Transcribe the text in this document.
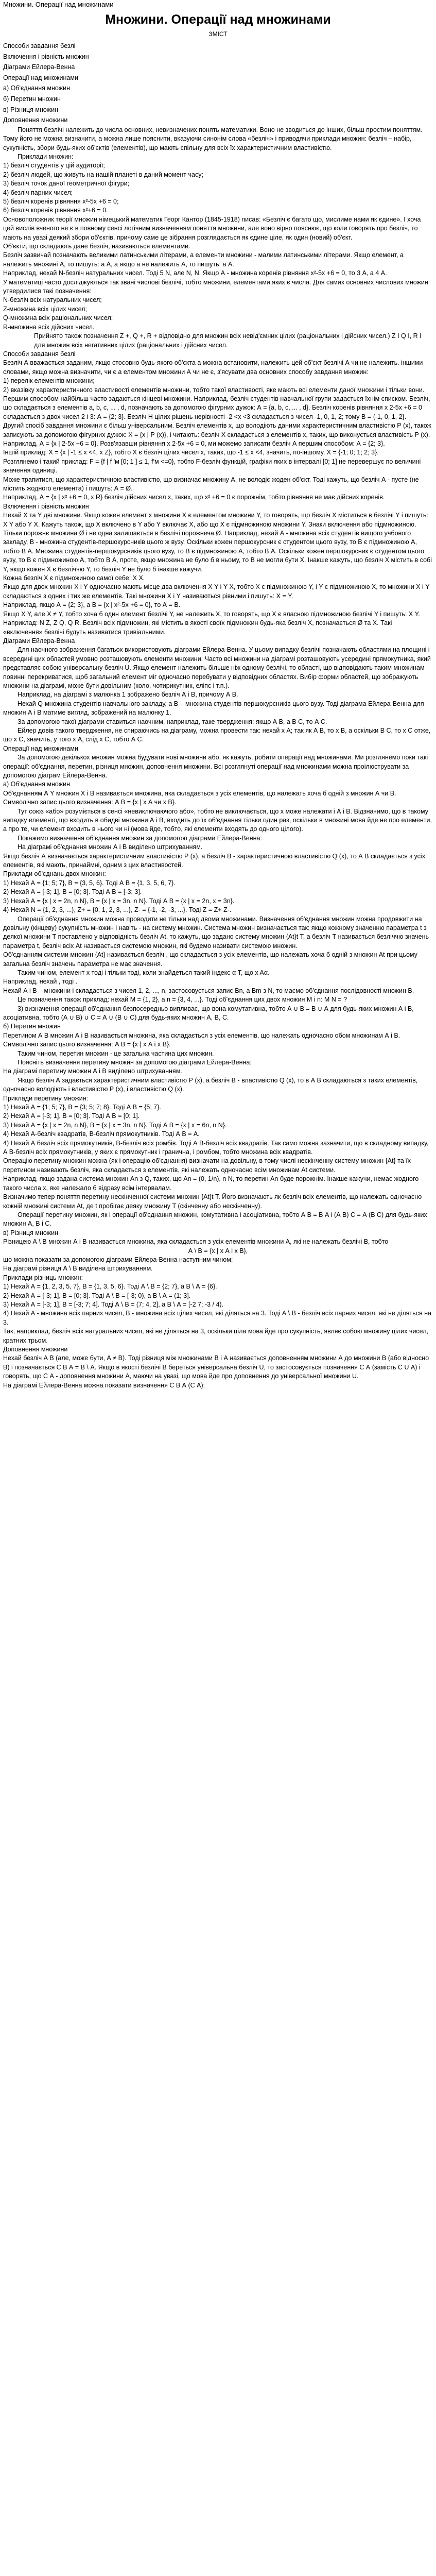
Множини. Операції над множинами
Множини. Операції над множинами
ЗМІСТ
Способи завдання безлі
Включення і рівність множин
Діаграми Ейлера-Венна
Операції над множинами
а) Об'єднання множин
б) Перетин множин
в) Різниця множин
Доповнення множини

Поняття безлічі належить до числа основних, невизначених понять математики. Воно не зводиться до інших, більш простим поняттям. Тому його не можна визначити, а можна лише пояснити, вказуючи синонім слова «безліч» і приводячи приклади множин: безліч – набір, сукупність, збори будь-яких об'єктів (елементів), що мають спільну для всіх їх характеристичним властивістю.

Приклади множин:

1) безліч студентів у цій аудиторії;

2) безліч людей, що живуть на нашій планеті в даний момент часу;

3) безліч точок даної геометричної фігури;

4) безліч парних чисел;

5) безліч коренів рівняння х²-5х +6 = 0;

6) безліч коренів рівняння х²+6 = 0.

Основоположник теорії множин німецький математик Георг Кантор (1845-1918) писав: «Безліч є багато що, мислиме нами як єдине». І хоча цей вислів вченого не є в повному сенсі логічним визначенням поняття множини, але воно вірно пояснює, що коли говорять про безліч, то мають на увазі деякий збори об'єктів, причому саме це зібрання розглядається як єдине ціле, як один (новий) об'єкт.

Об'єкти, що складають дане безліч, називаються елементами.

Безліч зазвичай позначають великими латинськими літерами, а елементи множини - малими латинськими літерами. Якщо елемент, а належить множині А, то пишуть: а А, а якщо а не належить А, то пишуть: а А.

Наприклад, нехай N-безліч натуральних чисел. Тоді 5 N, але N, N. Якщо А - множина коренів рівняння х²-5х +6 = 0, то 3 А, а 4 А.

У математиці часто досліджуються так звані числові безлічі, тобто множини, елементами яких є числа. Для самих основних числових множин утвердилися такі позначення:

N-безліч всіх натуральних чисел;

Z-множина всіх цілих чисел;

Q-множина всіх раціональних чисел;

R-множина всіх дійсних чисел.

Прийнято також позначення Z +, Q +, R + відповідно для множин всіх невід'ємних цілих (раціональних і дійсних чисел.) Z І Q І, R І для множин всіх негативних цілих (раціональних і дійсних чисел.

Способи завдання безлі

Безліч А вважається заданим, якщо стосовно будь-якого об'єкта а можна встановити, належить цей об'єкт безлічі А чи не належить. іншими словами, якщо можна визначити, чи є а елементом множини А чи не є, з'ясувати два основних способу завдання множин:

1) перелік елементів множини;

2) вказівку характеристичного властивості елементів множини, тобто такої властивості, яке мають всі елементи даної множини і тільки вони.

Першим способом найбільш часто задаються кінцеві множини. Наприклад, безліч студентів навчальної групи задається їхнім списком. Безліч, що складається з елементів а, b, с, ... , d, позначають за допомогою фігурних дужок: А = {а, b, с, ... , d}. Безліч коренів рівняння х 2-5х +6 = 0 складається з двох чисел 2 і 3: А = {2; 3}. Безліч Н цілих рішень нерівності -2 <х <3 складається з чисел -1, 0, 1, 2; тому В = {-1, 0, 1, 2}.

Другий спосіб завдання множини є більш універсальним. Безліч елементів х, що володіють даними характеристичним властивістю Р (х), також записують за допомогою фігурних дужок: Х = {х | Р (х)}, і читають: безліч Х складається з елементів х, таких, що виконується властивість Р (х). Наприклад, А = {х | 2-5х +6 = 0}. Розв'язавши рівняння х 2-5х +6 = 0, ми можемо записати безліч А першим способом: А = {2; 3}.

Іншій приклад: Х = {х | -1 ≤ х <4, х Z}, тобто Х є безліч цілих чисел х, таких, що -1 ≤ х <4, значить, по-іншому, Х = {-1; 0; 1; 2; 3}.

Розглянемо і такий приклад: F = {f | f 'м [0; 1 ] ≤ 1, f'м <=0}, тобто F-безліч функцій, графіки яких в інтервалі [0; 1] не перевершує по величині значення одиниці.

Може трапитися, що характеристичною властивістю, що визначає множину А, не володіє жоден об'єкт. Тоді кажуть, що безліч А - пусте (не містить жодного елемента) і пишуть: А = Ø.

Наприклад, А = {х | х² +6 = 0, х R} безліч дійсних чисел х, таких, що х² +6 = 0 є порожнім, тобто рівняння не має дійсних коренів.

Включення і рівність множин

Нехай Х та Y дві множини. Якщо кожен елемент х множини Х є елементом множини Y, то говорять, що безліч Х міститься в безлічі Y і пишуть: Х Y або Y Х. Кажуть також, що Х включено в Y або Y включає Х, або що Х є підмножиною множини Y. Знаки включення або підмножиною. Тільки порожнє множина Ø і не одна залишається в безлічі порожнеча Ø. Наприклад, нехай А - множина всіх студентів вищого учбового закладу, В - множина студентів-першокурсників цього ж вузу. Оскільки кожен першокурсник є студентом цього вузу, то В є підмножиною А, тобто В А. Множина студентів-першокурсників цього вузу, то В є підмножиною А, тобто В А. Оскільки кожен першокурсник є студентом цього вузу, то В є підмножиною А, тобто В А, проте, якщо множина не було б в ньому, то В не могли бути Х. Інакше кажуть, що безліч Х містить в собі Y, якщо кожен Х є безліччю Y, то безліч Y не було б інакше кажучи.

Кожна безліч Х є підмножиною самої себе: Х Х.

Якщо для двох множин Х і Y одночасно мають місце два включення Х Y і Y Х, тобто Х є підмножиною Y, і Y є підмножиною Х, то множини Х і Y складаються з одних і тих же елементів. Такі множини Х і Y називаються рівними і пишуть: Х = Y.

Наприклад, якщо А = {2; 3}, а В = {х | х²-5х +6 = 0}, то А = В.

Якщо Х Y, але Х ≠ Y, тобто хоча б один елемент безлічі Y, не належить Х, то говорять, що Х є власною підмножиною безлічі Y і пишуть: Х Y. Наприклад: N Z, Z Q, Q R. Безліч всіх підмножин, які містить в якості своїх підмножин будь-яка безліч Х, позначається Ø та Х. Такі «включення» безлічі будуть називатися тривіальними.

Діаграми Ейлера-Венна

Для наочного зображення багатьох використовують діаграми Ейлера-Венна. У цьому випадку безлічі позначають областями на площині і всередині цих областей умовно розташовують елементи множини. Часто всі множини на діаграмі розташовують усередині прямокутника, який представляє собою універсальну безліч U. Якщо елемент належить більше ніж одному безлічі, то області, що відповідають таким множинам повинні перекриватися, щоб загальний елемент міг одночасно перебувати у відповідних областях. Вибір форми областей, що зображують множини на діаграмі, може бути довільним (коло, чотирикутник, еліпс і т.п.).

Наприклад, на діаграмі з малюнка 1 зображено безліч А і В, причому А В.

Нехай Q-множина студентів навчального закладу, а В – множина студентів-першокурсників цього вузу. Тоді діаграма Ейлера-Венна для множин А і В матиме вигляд, зображений на малюнку 1.

За допомогою такої діаграми ставиться наочним, наприклад, таке твердження: якщо А В, а В С, то А С.

Ейлер довів такого твердження, не спираючись на діаграму, можна провести так: нехай х А; так як А В, то х В, а оскільки В С, то х С отже, що х С, значить, у того х А, слід х С, тобто А С.

Операції над множинами

За допомогою декількох множин можна будувати нові множини або, як кажуть, робити операції над множинами. Ми розглянемо поки такі операції: об'єднання, перетин, різниця множин, доповнення множини. Всі розглянуті операції над множинами можна проілюструвати за допомогою діаграм Ейлера-Венна.

а) Об'єднання множин

Об'єднанням А Y множин Х і В називається множина, яка складається з усіх елементів, що належать хоча б одній з множин А чи В.

Символічно запис цього визначення: А В = {х | х А чи х В}.

Тут союз «або» розуміється в сенсі «невиключаючого або», тобто не виключається, що х може належати і А і В. Відзначимо, що в такому випадку елементі, що входить в обидві множини А і В, входить до їх об'єднання тільки один раз, оскільки в множині мова йде не про елементи, а про те, чи елемент входить в нього чи ні (мова йде, тобто, які елементи входять до одного цілого).

Покажемо визначення об'єднання множин за допомогою діаграми Ейлера-Венна:

На діаграмі об'єднання множин А і В виділено штрихуванням.

Якщо безліч А визначається характеристичним властивістю Р (х), а безліч В - характеристичною властивістю Q (х), то А В складається з усіх елементів, які мають, принаймні, одним з цих властивостей.

Приклади об'єднань двох множин:

1) Нехай А = {1; 5; 7}, В = {3, 5, 6}. Тоді А В = {1, 3, 5, 6, 7}.

2) Нехай А = [-3; 1], В = [0; 3]. Тоді А В = [-3; 3].

3) Нехай А = {х | х = 2n, n N}, В = {х | х = 3n, n N}. Тоді А В = {х | х = 2n, х = 3n}.

4) Нехай N = {1, 2, 3, ...}, Z+ = {0, 1, 2, 3, ...}, Z- = {-1, -2, -3, ...}. Тоді Z = Z+ Z-.

Операції об'єднання множин можна проводити не тільки над двома множинами. Визначення об'єднання множин можна продовжити на довільну (кінцеву) сукупність множин і навіть - на систему множин. Система множин визначається так: якщо кожному значенню параметра t з деякої множини Т поставлено у відповідність безліч At, то кажуть, що задано систему множин {At}t T, а безліч Т називається безліччю значень параметра t, безліч всіх At називається системою множин, які будемо називати системою множин.

Об'єднанням системи множин {At} називається безліч , що складається з усіх елементів, що належать хоча б одній з множин At при цьому загальна безліч значень параметра не має значення.

Таким чином, елемент x тоді і тільки тоді, коли знайдеться такий індекс α Т, що x Aα.

Наприклад, нехай , тоді .

Нехай А і В – множини і складається з чисел 1, 2, ..., n, застосовується запис Вn, а Вm з N, то маємо об'єднання послідовності множин В.

Це позначення також приклад: нехай M = {1, 2}, а n = {3, 4, ...}. Тоді об'єднання цих двох множин М і n: М N = ?

3) визначення операції об'єднання безпосередньо випливає, що вона комутативна, тобто А ∪ В = В ∪ А для будь-яких множин А і В, асоціативна, тобто (А ∪ В) ∪ С = А ∪ (В ∪ С) для будь-яких множин А, В, С.

б) Перетин множин

Перетином А В множин А і В називається множина, яка складається з усіх елементів, що належать одночасно обом множинам А і В.

Символічно запис цього визначення: А В = {х | х А і х В}.

Таким чином, перетин множин - це загальна частина цих множин.

Поясніть визначення перетину множин за допомогою діаграми Ейлера-Венна:

На діаграмі перетину множин А і В виділено штрихуванням.

Якщо безліч А задається характеристичним властивістю Р (х), а безліч В - властивістю Q (х), то в А В складаються з таких елементів, одночасно володіють і властивістю Р (х), і властивістю Q (х).

Приклади перетину множин:

1) Нехай А = {1; 5; 7}, В = {3; 5; 7; 8}. Тоді А В = {5; 7}.

2) Нехай А = [-3; 1], В = [0; 3]. Тоді А В = [0; 1].

3) Нехай А = {х | х = 2n, n N}, В = {х | х = 3n, n N}. Тоді А В = {х | х = 6n, n N}.

4) Нехай А-безліч квадратів, В-безліч прямокутників. Тоді А В = А.

4) Нехай А безліч всіх прямокутників, В-безліч всіх ромбів. Тоді А В-безліч всіх квадратів. Так само можна зазначити, що в складному випадку, А В-безліч всіх прямокутників, у яких є прямокутник і гранична, і ромбом, тобто множина всіх квадратів.

Операцію перетину множин можна (як і операцію об'єднання) визначати на довільну, в тому числі нескінченну систему множин {Аt} та їх перетином називають безліч, яка складається з елементів, які належать одночасно всім множинам Аt системи.

Наприклад, якщо задана система множин Аn з Q, таких, що Аn = (0, 1/n), n N, то перетин Аn буде порожнім. Інакше кажучи, немає жодного такого числа х, яке належало б відразу всім інтервалам.

Визначимо тепер поняття перетину нескінченної системи множин {Аt}t Т. Його визначають як безліч всіх елементів, що належать одночасно кожній множині системи Аt, де t пробігає деяку множину T (скінченну або нескінченну).

Операції перетину множин, як і операції об'єднання множин, комутативна і асоціативна, тобто А В = В А і (А В) С = А (В С) для будь-яких множин А, В і С.

в) Різниця множин

Різницею А \ В множин А і В називається множина, яка складається з усіх елементів множини А, які не належать безлічі В, тобто

А \ В = {х | х А і х В},

що можна показати за допомогою діаграми Ейлера-Венна наступним чином:

На діаграмі різниця А \ В виділена штрихуванням.

Приклади різниць множин:

1) Нехай А = {1, 2, 3, 5, 7}, В = {1, 3, 5, 6}. Тоді А \ В = {2; 7}, а В \ А = {6}.

2) Нехай А = [-3; 1], В = [0; 3]. Тоді А \ В = [-3; 0), а В \ А = (1; 3].

3) Нехай А = [-3; 1], В = [-3; 7; 4]. Тоді А \ В = (7; 4, 2], а В \ А = [-2 7; -3 / 4).

4) Нехай А - множина всіх парних чисел, В - множина всіх цілих чисел, які діляться на 3. Тоді А \ В - безліч всіх парних чисел, які не діляться на 3.

Так, наприклад, безліч всіх натуральних чисел, які не діляться на 3, оскільки ціла мова йде про сукупність, являє собою множину цілих чисел, кратних трьом.

Доповнення множини

Нехай безліч А В (але, може бути, А ≠ В). Тоді різниця між множинами В і А називається доповненням множини А до множини В (або відносно В) і позначається С В А = В \ А. Якщо в якості безлічі В береться універсальна безліч U, то застосовується позначення С А (замість С U А) і говорять, що С А - доповнення множини А, маючи на увазі, що мова йде про доповнення до універсальної множини U.

На діаграмі Ейлера-Венна можна показати визначення С В А (С А):
